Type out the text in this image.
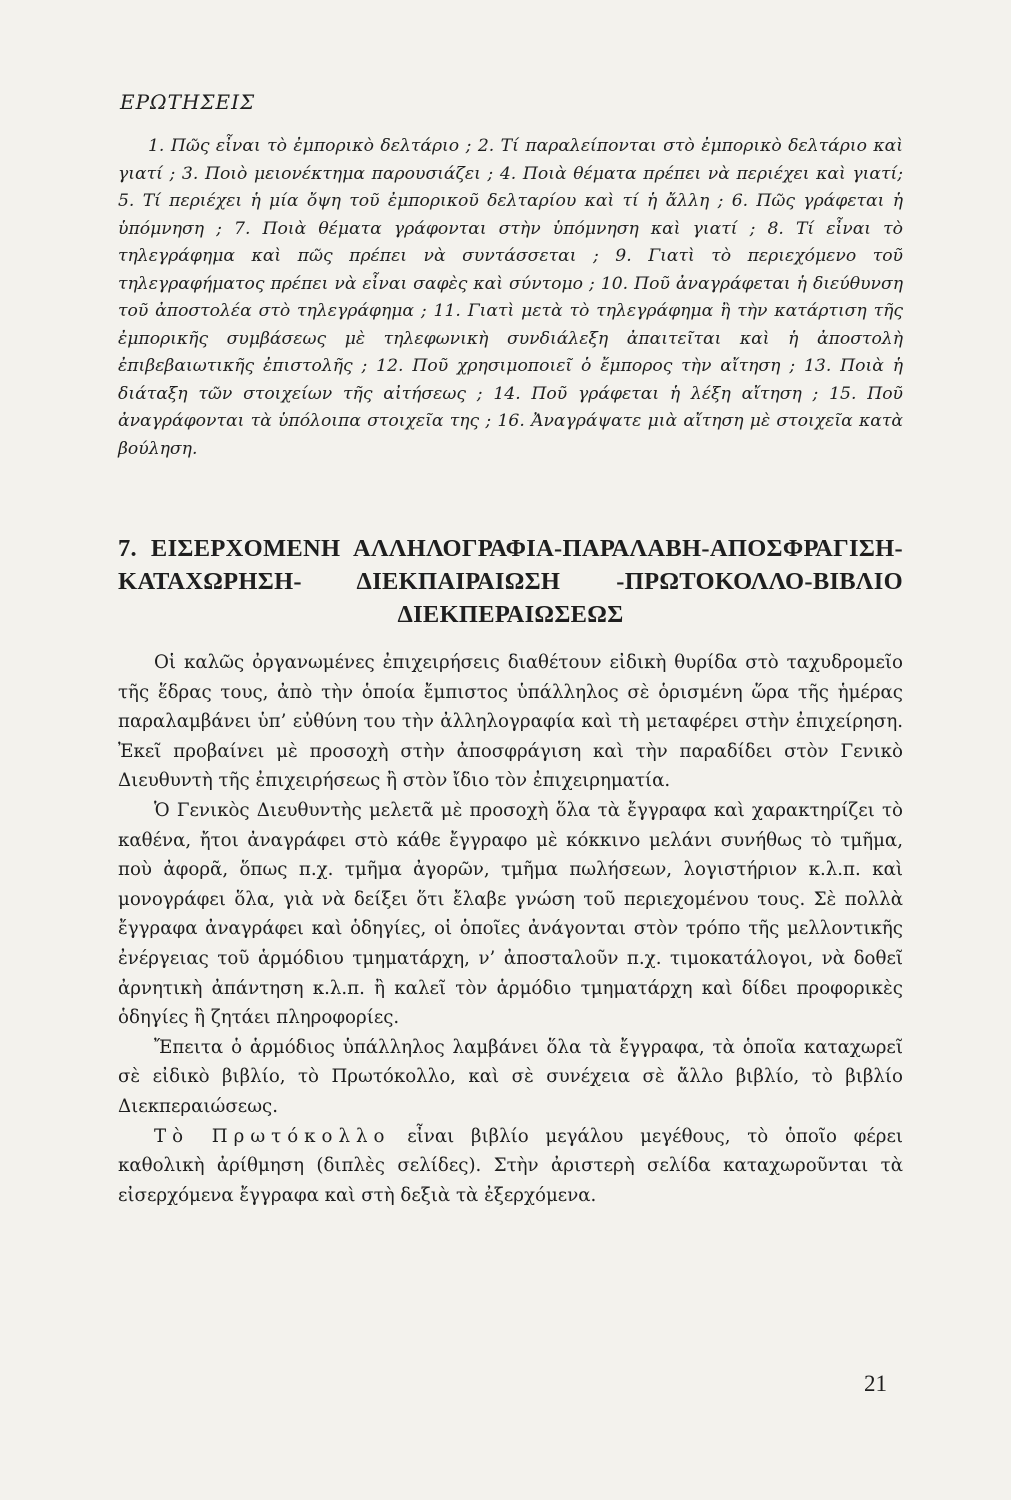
ΕΡΩΤΗΣΕΙΣ

1. Πῶς εἶναι τὸ ἐμπορικὸ δελτάριο ; 2. Τί παραλείπονται στὸ ἐμπορικὸ δελτάριο καὶ γιατί ; 3. Ποιὸ μειονέκτημα παρουσιάζει ; 4. Ποιὰ θέματα πρέπει νὰ περιέχει καὶ γιατί; 5. Τί περιέχει ἡ μία ὄψη τοῦ ἐμπορικοῦ δελταρίου καὶ τί ἡ ἄλλη ; 6. Πῶς γράφεται ἡ ὑπόμνηση ; 7. Ποιὰ θέματα γράφονται στὴν ὑπόμνηση καὶ γιατί ; 8. Τί εἶναι τὸ τηλεγράφημα καὶ πῶς πρέπει νὰ συντάσσεται ; 9. Γιατὶ τὸ περιεχόμενο τοῦ τηλεγραφήματος πρέπει νὰ εἶναι σαφὲς καὶ σύντομο ; 10. Ποῦ ἀναγράφεται ἡ διεύθυνση τοῦ ἀποστολέα στὸ τηλεγράφημα ; 11. Γιατὶ μετὰ τὸ τηλεγράφημα ἢ τὴν κατάρτιση τῆς ἐμπορικῆς συμβάσεως μὲ τηλεφωνικὴ συνδιάλεξη ἀπαιτεῖται καὶ ἡ ἀποστολὴ ἐπιβεβαιωτικῆς ἐπιστολῆς ; 12. Ποῦ χρησιμοποιεῖ ὁ ἔμπορος τὴν αἴτηση ; 13. Ποιὰ ἡ διάταξη τῶν στοιχείων τῆς αἰτήσεως ; 14. Ποῦ γράφεται ἡ λέξη αἴτηση ; 15. Ποῦ ἀναγράφονται τὰ ὑπόλοιπα στοιχεῖα της ; 16. Ἀναγράψατε μιὰ αἴτηση μὲ στοιχεῖα κατὰ βούληση.

7. ΕΙΣΕΡΧΟΜΕΝΗ ΑΛΛΗΛΟΓΡΑΦΙΑ-ΠΑΡΑΛΑΒΗ-ΑΠΟΣΦΡΑΓΙΣΗ- ΚΑΤΑΧΩΡΗΣΗ- ΔΙΕΚΠΑΙΡΑΙΩΣΗ -ΠΡΩΤΟΚΟΛΛΟ-ΒΙΒΛΙΟ ΔΙΕΚΠΕΡΑΙΩΣΕΩΣ

Οἱ καλῶς ὀργανωμένες ἐπιχειρήσεις διαθέτουν εἰδικὴ θυρίδα στὸ ταχυδρομεῖο τῆς ἕδρας τους, ἀπὸ τὴν ὁποία ἔμπιστος ὑπάλληλος σὲ ὁρισμένη ὥρα τῆς ἡμέρας παραλαμβάνει ὑπ’ εὐθύνη του τὴν ἀλληλογραφία καὶ τὴ μεταφέρει στὴν ἐπιχείρηση. Ἐκεῖ προβαίνει μὲ προσοχὴ στὴν ἀποσφράγιση καὶ τὴν παραδίδει στὸν Γενικὸ Διευθυντὴ τῆς ἐπιχειρήσεως ἢ στὸν ἴδιο τὸν ἐπιχειρηματία.

Ὁ Γενικὸς Διευθυντὴς μελετᾶ μὲ προσοχὴ ὅλα τὰ ἔγγραφα καὶ χαρακτηρίζει τὸ καθένα, ἤτοι ἀναγράφει στὸ κάθε ἔγγραφο μὲ κόκκινο μελάνι συνήθως τὸ τμῆμα, ποὺ ἀφορᾶ, ὅπως π.χ. τμῆμα ἀγορῶν, τμῆμα πωλήσεων, λογιστήριον κ.λ.π. καὶ μονογράφει ὅλα, γιὰ νὰ δείξει ὅτι ἔλαβε γνώση τοῦ περιεχομένου τους. Σὲ πολλὰ ἔγγραφα ἀναγράφει καὶ ὁδηγίες, οἱ ὁποῖες ἀνάγονται στὸν τρόπο τῆς μελλοντικῆς ἐνέργειας τοῦ ἁρμόδιου τμηματάρχη, ν’ ἀποσταλοῦν π.χ. τιμοκατάλογοι, νὰ δοθεῖ ἀρνητικὴ ἀπάντηση κ.λ.π. ἢ καλεῖ τὸν ἁρμόδιο τμηματάρχη καὶ δίδει προφορικὲς ὁδηγίες ἢ ζητάει πληροφορίες.

Ἔπειτα ὁ ἁρμόδιος ὑπάλληλος λαμβάνει ὅλα τὰ ἔγγραφα, τὰ ὁποῖα καταχωρεῖ σὲ εἰδικὸ βιβλίο, τὸ Πρωτόκολλο, καὶ σὲ συνέχεια σὲ ἄλλο βιβλίο, τὸ βιβλίο Διεκπεραιώσεως.

Τὸ Πρωτόκολλο εἶναι βιβλίο μεγάλου μεγέθους, τὸ ὁποῖο φέρει καθολικὴ ἀρίθμηση (διπλὲς σελίδες). Στὴν ἀριστερὴ σελίδα καταχωροῦνται τὰ εἰσερχόμενα ἔγγραφα καὶ στὴ δεξιὰ τὰ ἐξερχόμενα.

21
